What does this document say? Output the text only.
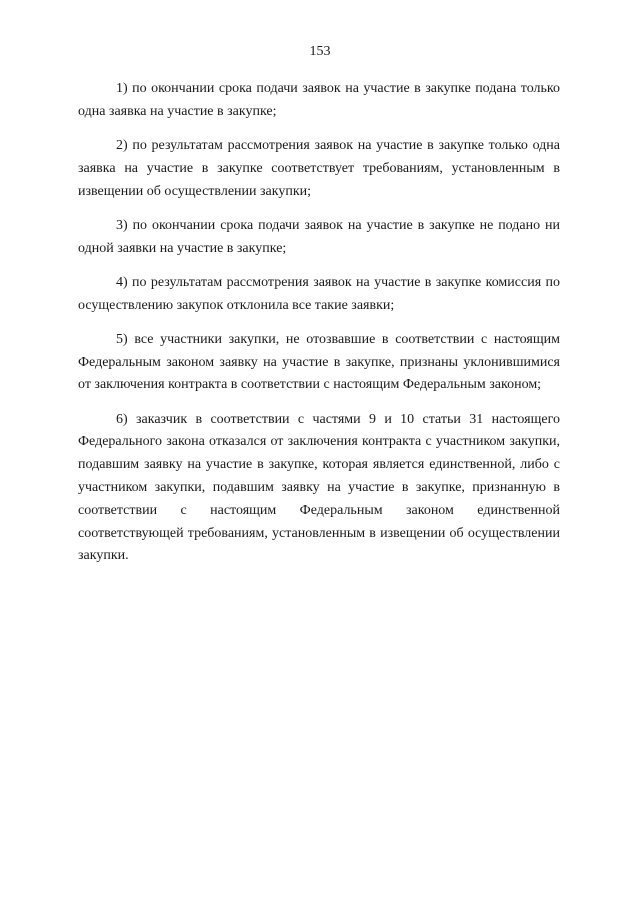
153

1) по окончании срока подачи заявок на участие в закупке подана только одна заявка на участие в закупке;

2) по результатам рассмотрения заявок на участие в закупке только одна заявка на участие в закупке соответствует требованиям, установленным в извещении об осуществлении закупки;

3) по окончании срока подачи заявок на участие в закупке не подано ни одной заявки на участие в закупке;

4) по результатам рассмотрения заявок на участие в закупке комиссия по осуществлению закупок отклонила все такие заявки;

5) все участники закупки, не отозвавшие в соответствии с настоящим Федеральным законом заявку на участие в закупке, признаны уклонившимися от заключения контракта в соответствии с настоящим Федеральным законом;

6) заказчик в соответствии с частями 9 и 10 статьи 31 настоящего Федерального закона отказался от заключения контракта с участником закупки, подавшим заявку на участие в закупке, которая является единственной, либо с участником закупки, подавшим заявку на участие в закупке, признанную в соответствии с настоящим Федеральным законом единственной соответствующей требованиям, установленным в извещении об осуществлении закупки.
